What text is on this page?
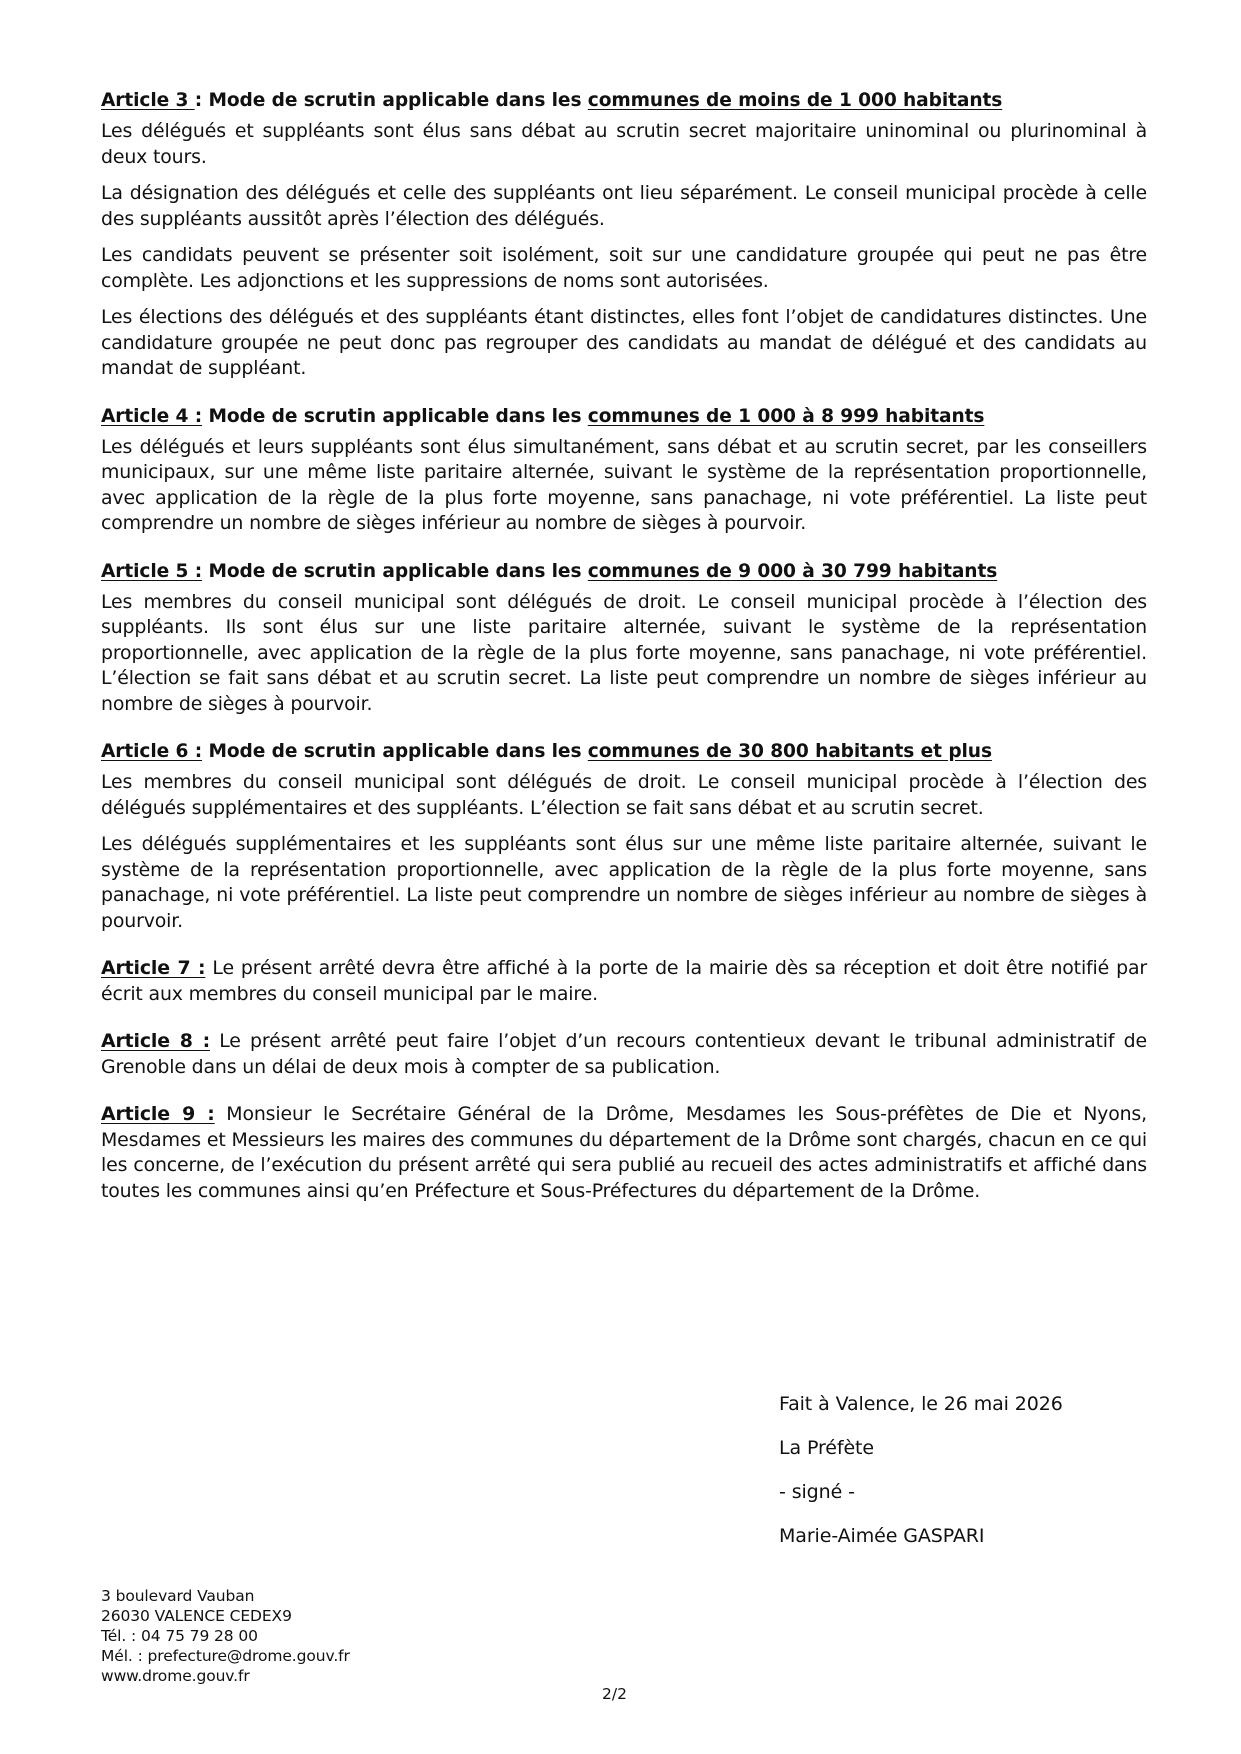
Article 3 : Mode de scrutin applicable dans les communes de moins de 1 000 habitants

Les délégués et suppléants sont élus sans débat au scrutin secret majoritaire uninominal ou plurinominal à deux tours.

La désignation des délégués et celle des suppléants ont lieu séparément. Le conseil municipal procède à celle des suppléants aussitôt après l’élection des délégués.

Les candidats peuvent se présenter soit isolément, soit sur une candidature groupée qui peut ne pas être complète. Les adjonctions et les suppressions de noms sont autorisées.

Les élections des délégués et des suppléants étant distinctes, elles font l’objet de candidatures distinctes. Une candidature groupée ne peut donc pas regrouper des candidats au mandat de délégué et des candidats au mandat de suppléant.

Article 4 : Mode de scrutin applicable dans les communes de 1 000 à 8 999 habitants

Les délégués et leurs suppléants sont élus simultanément, sans débat et au scrutin secret, par les conseillers municipaux, sur une même liste paritaire alternée, suivant le système de la représentation proportionnelle, avec application de la règle de la plus forte moyenne, sans panachage, ni vote préférentiel. La liste peut comprendre un nombre de sièges inférieur au nombre de sièges à pourvoir.

Article 5 : Mode de scrutin applicable dans les communes de 9 000 à 30 799 habitants

Les membres du conseil municipal sont délégués de droit. Le conseil municipal procède à l’élection des suppléants. Ils sont élus sur une liste paritaire alternée, suivant le système de la représentation proportionnelle, avec application de la règle de la plus forte moyenne, sans panachage, ni vote préférentiel. L’élection se fait sans débat et au scrutin secret. La liste peut comprendre un nombre de sièges inférieur au nombre de sièges à pourvoir.

Article 6 : Mode de scrutin applicable dans les communes de 30 800 habitants et plus

Les membres du conseil municipal sont délégués de droit. Le conseil municipal procède à l’élection des délégués supplémentaires et des suppléants. L’élection se fait sans débat et au scrutin secret.

Les délégués supplémentaires et les suppléants sont élus sur une même liste paritaire alternée, suivant le système de la représentation proportionnelle, avec application de la règle de la plus forte moyenne, sans panachage, ni vote préférentiel. La liste peut comprendre un nombre de sièges inférieur au nombre de sièges à pourvoir.

Article 7 : Le présent arrêté devra être affiché à la porte de la mairie dès sa réception et doit être notifié par écrit aux membres du conseil municipal par le maire.

Article 8 : Le présent arrêté peut faire l’objet d’un recours contentieux devant le tribunal administratif de Grenoble dans un délai de deux mois à compter de sa publication.

Article 9 : Monsieur le Secrétaire Général de la Drôme, Mesdames les Sous-préfètes de Die et Nyons, Mesdames et Messieurs les maires des communes du département de la Drôme sont chargés, chacun en ce qui les concerne, de l’exécution du présent arrêté qui sera publié au recueil des actes administratifs et affiché dans toutes les communes ainsi qu’en Préfecture et Sous-Préfectures du département de la Drôme.

Fait à Valence, le 26 mai 2026
La Préfète
- signé -
Marie-Aimée GASPARI
3 boulevard Vauban
26030 VALENCE CEDEX9
Tél. : 04 75 79 28 00
Mél. : prefecture@drome.gouv.fr
www.drome.gouv.fr
2/2
